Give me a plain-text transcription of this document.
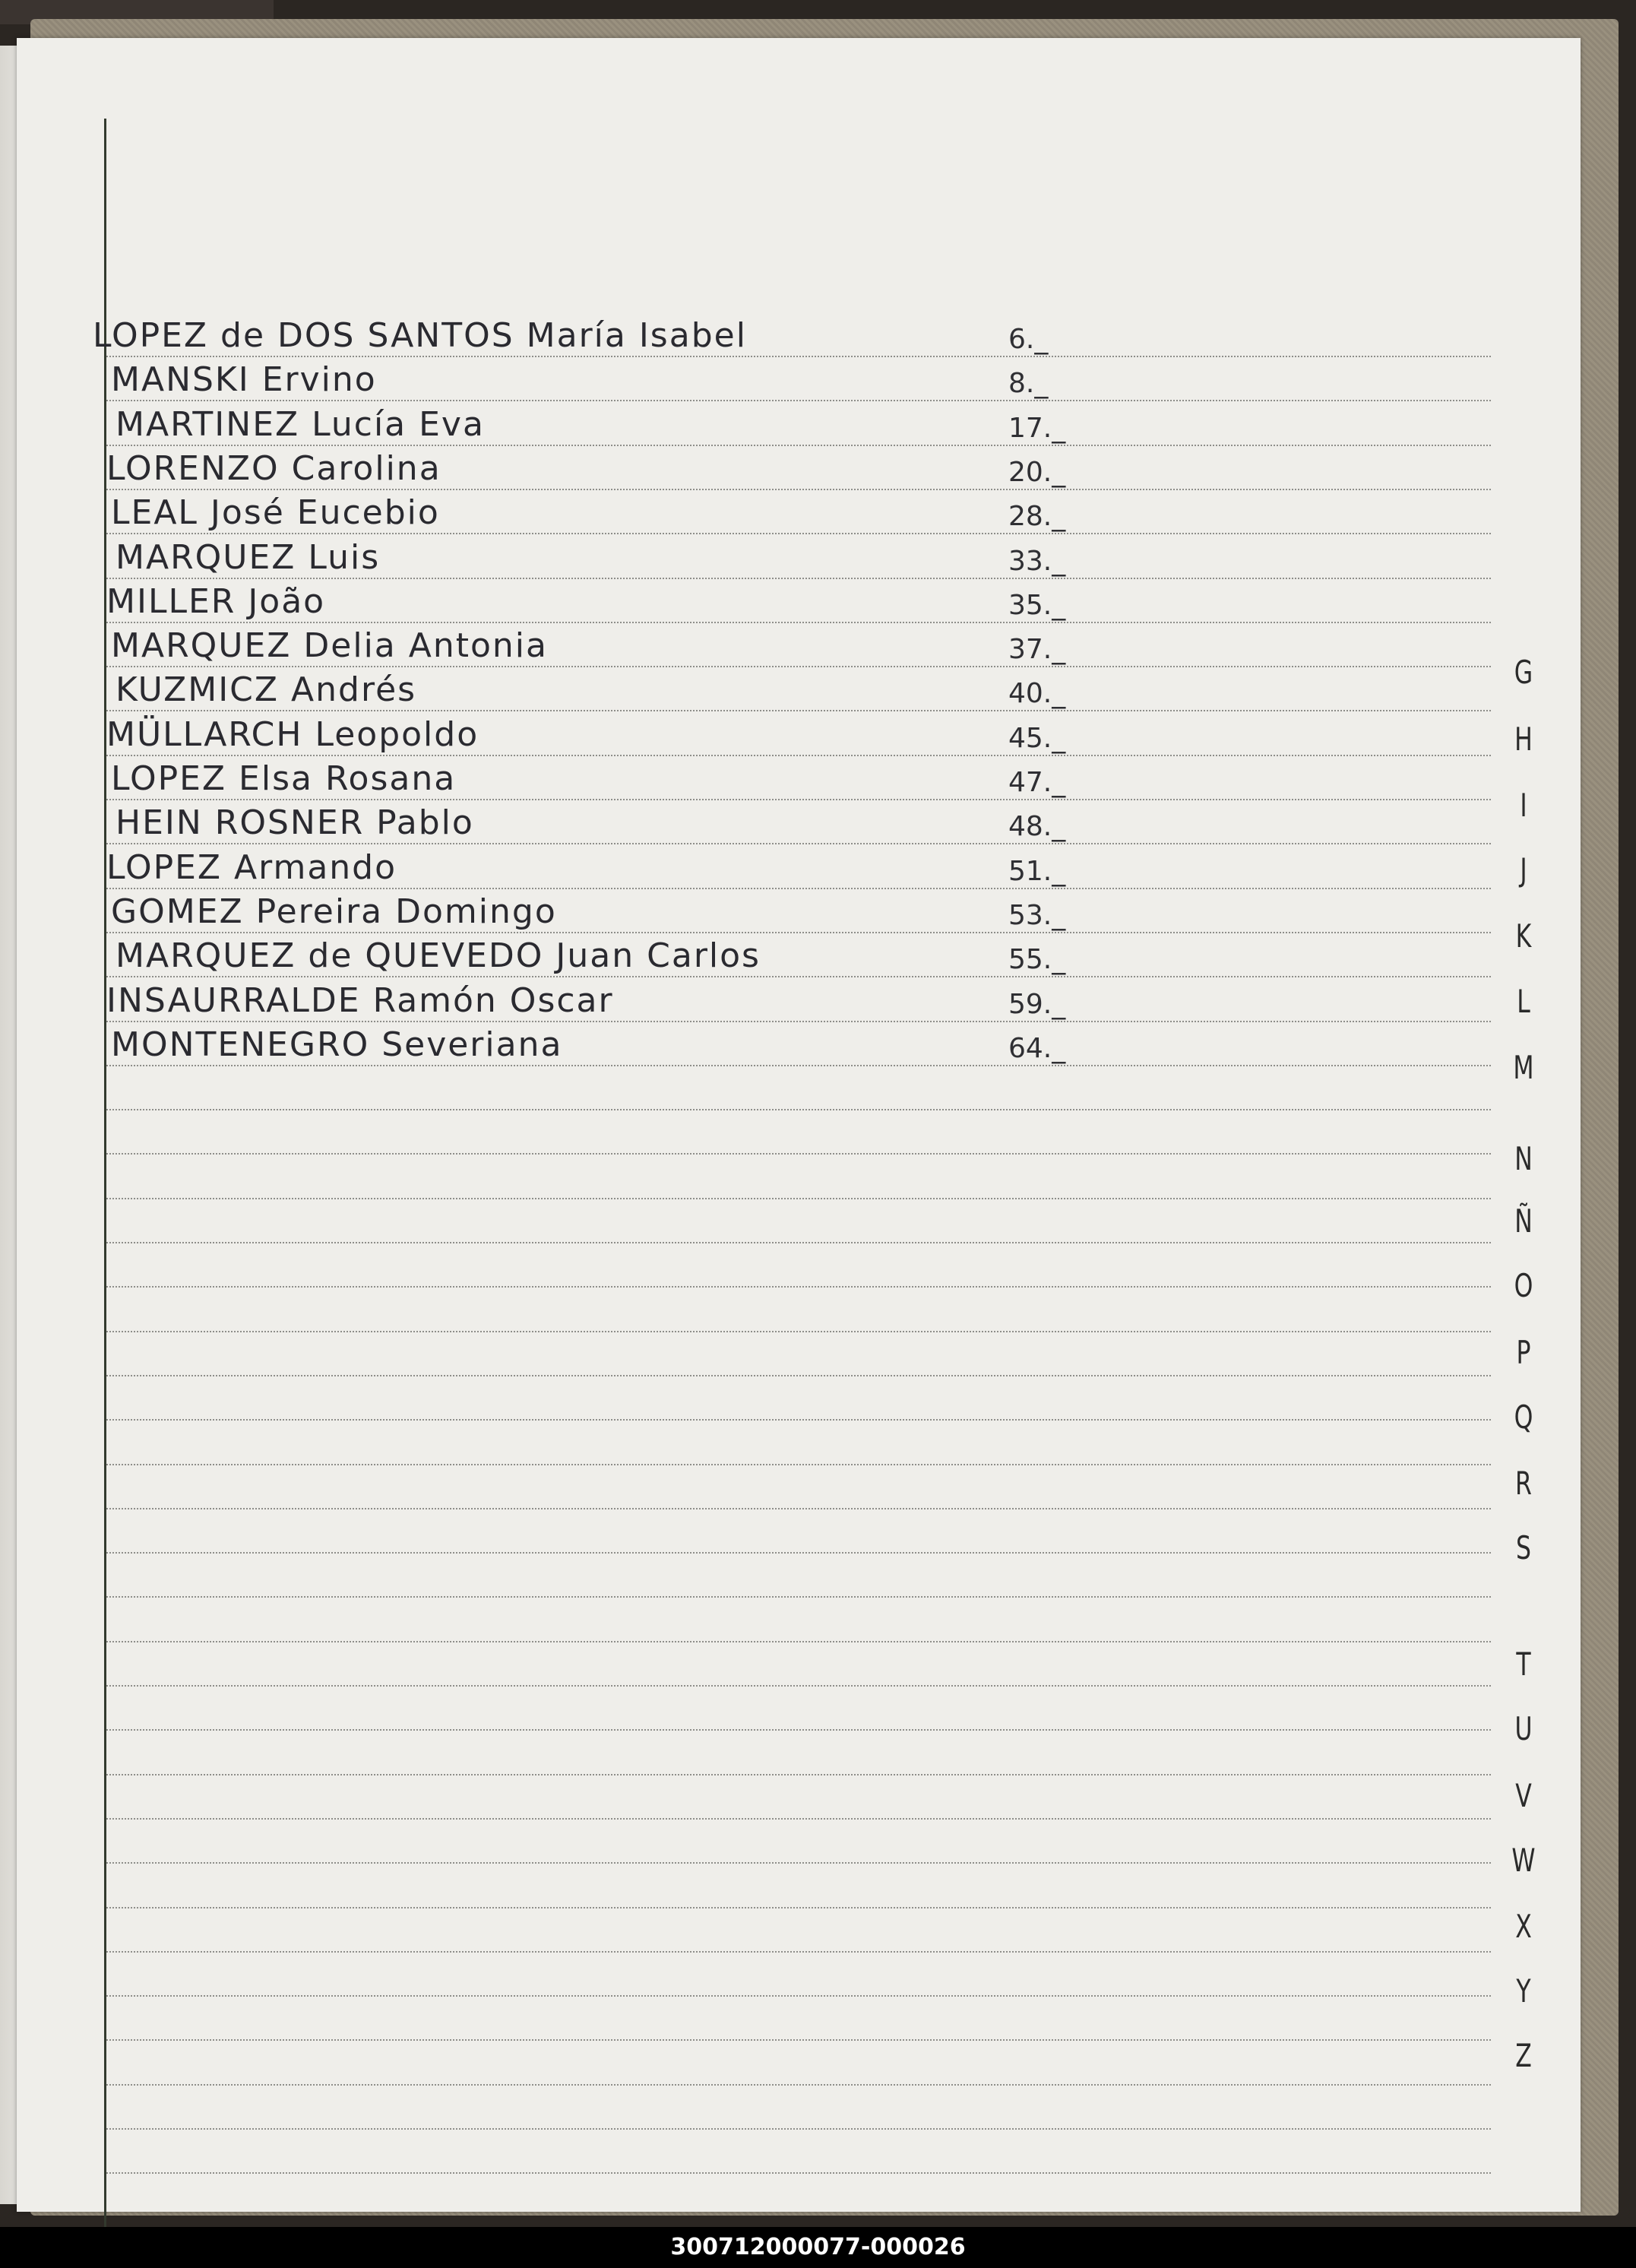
LOPEZ de DOS SANTOS María Isabel	6._
MANSKI Ervino	8._
MARTINEZ Lucía Eva	17._
LORENZO Carolina	20._
LEAL José Eucebio	28._
MARQUEZ Luis	33._
MILLER João	35._
MARQUEZ Delia Antonia	37._
KUZMICZ Andrés	40._
MÜLLARCH Leopoldo	45._
LOPEZ Elsa Rosana	47._
HEIN ROSNER Pablo	48._
LOPEZ Armando	51._
GOMEZ Pereira Domingo	53._
MARQUEZ de QUEVEDO Juan Carlos	55._
INSAURRALDE Ramón Oscar	59._
MONTENEGRO Severiana	64._
G
H
I
J
K
L
M
N
Ñ
O
P
Q
R
S
T
U
V
W
X
Y
Z
300712000077-000026
